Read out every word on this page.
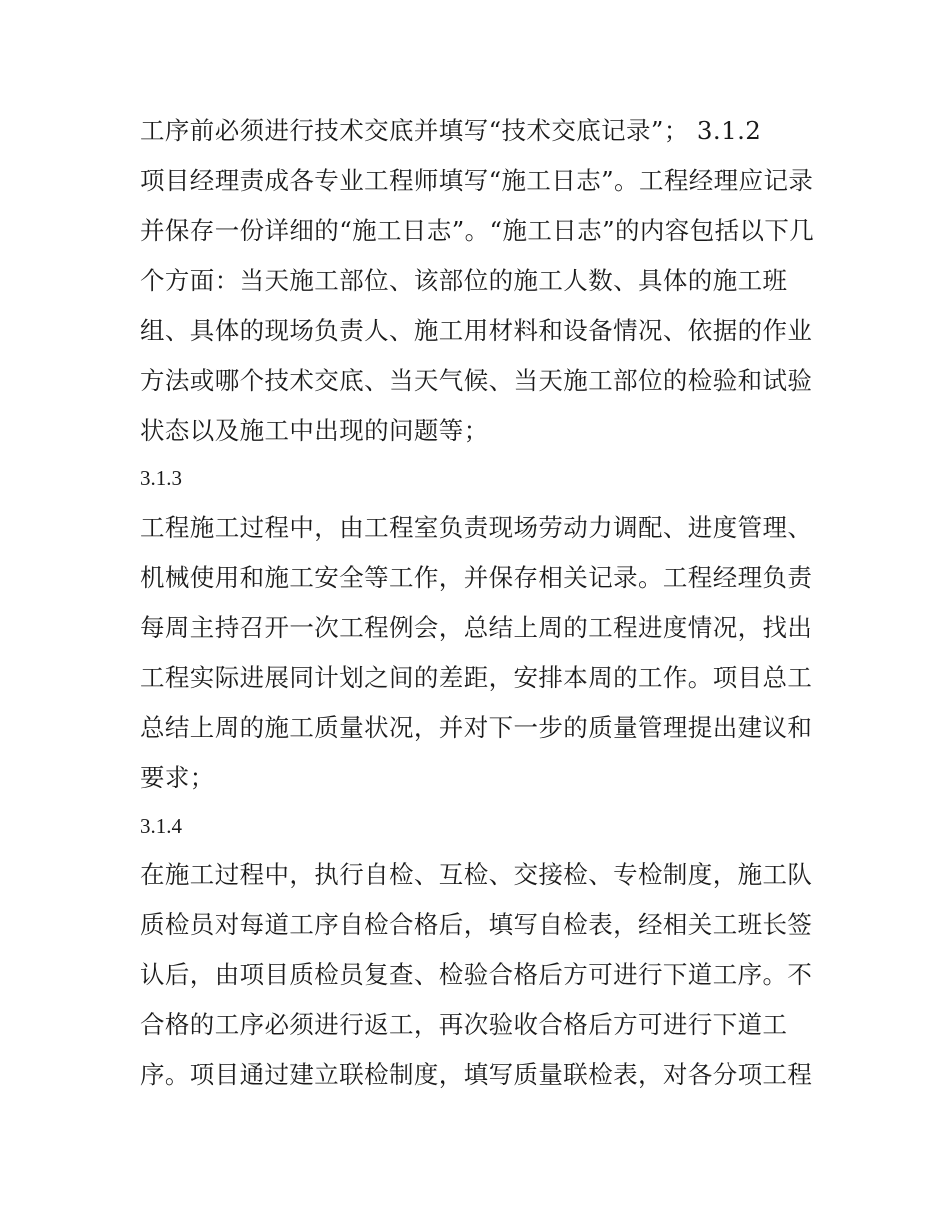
工序前必须进行技术交底并填写“技术交底记录”； 3.1.2
项目经理责成各专业工程师填写“施工日志”。工程经理应记录
并保存一份详细的“施工日志”。“施工日志”的内容包括以下几
个方面：当天施工部位、该部位的施工人数、具体的施工班
组、具体的现场负责人、施工用材料和设备情况、依据的作业
方法或哪个技术交底、当天气候、当天施工部位的检验和试验
状态以及施工中出现的问题等；
3.1.3
工程施工过程中，由工程室负责现场劳动力调配、进度管理、
机械使用和施工安全等工作，并保存相关记录。工程经理负责
每周主持召开一次工程例会，总结上周的工程进度情况，找出
工程实际进展同计划之间的差距，安排本周的工作。项目总工
总结上周的施工质量状况，并对下一步的质量管理提出建议和
要求；
3.1.4
在施工过程中，执行自检、互检、交接检、专检制度，施工队
质检员对每道工序自检合格后，填写自检表，经相关工班长签
认后，由项目质检员复查、检验合格后方可进行下道工序。不
合格的工序必须进行返工，再次验收合格后方可进行下道工
序。项目通过建立联检制度，填写质量联检表，对各分项工程
